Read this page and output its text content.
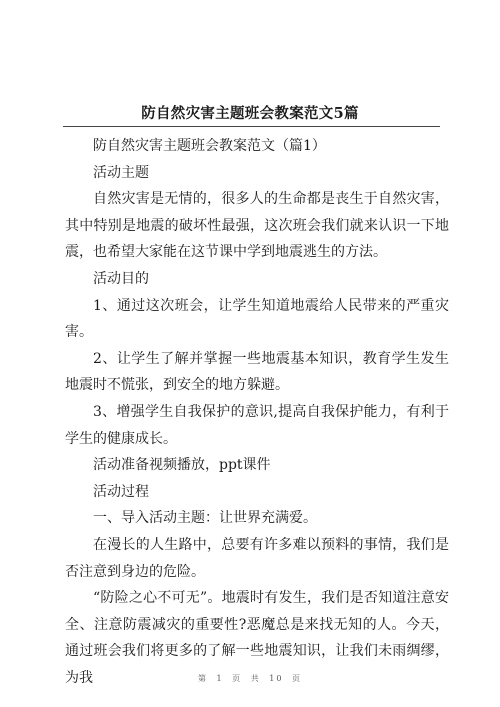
防自然灾害主题班会教案范文5篇

防自然灾害主题班会教案范文（篇1）

活动主题

自然灾害是无情的，很多人的生命都是丧生于自然灾害，其中特别是地震的破坏性最强，这次班会我们就来认识一下地震，也希望大家能在这节课中学到地震逃生的方法。

活动目的

1、通过这次班会，让学生知道地震给人民带来的严重灾害。

2、让学生了解并掌握一些地震基本知识，教育学生发生地震时不慌张，到安全的地方躲避。

3、增强学生自我保护的意识,提高自我保护能力，有利于学生的健康成长。

活动准备视频播放，ppt课件

活动过程

一、导入活动主题：让世界充满爱。

在漫长的人生路中，总要有许多难以预料的事情，我们是否注意到身边的危险。

“防险之心不可无”。地震时有发生，我们是否知道注意安全、注意防震减灾的重要性?恶魔总是来找无知的人。今天，通过班会我们将更多的了解一些地震知识，让我们未雨绸缪，为我	第 1 页 共 10 页
